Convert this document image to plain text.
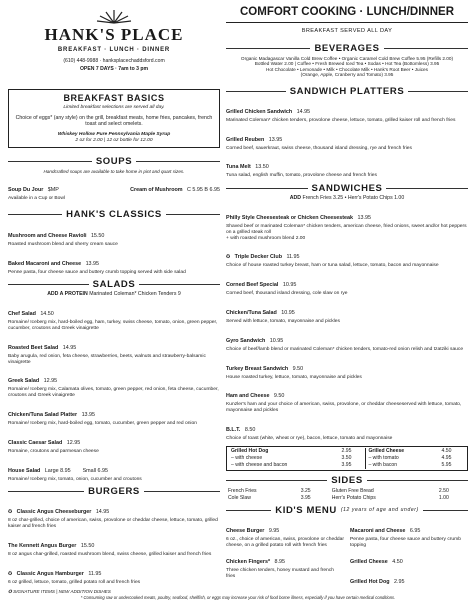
HANK'S PLACE
BREAKFAST · LUNCH · DINNER
(610) 448-9988 · hanksplacechaddsford.com
OPEN 7 DAYS · 7am to 3 pm
BREAKFAST BASICS
Limited breakfast selections are served all day.
Choice of eggs* (any style) on the grill, breakfast meats, home fries, pancakes, french toast and select omelets.
Whiskey Hollow Pure Pennsylvania Maple Syrup
2 oz for 2.00 | 12 oz bottle for 12.00
SOUPS
Handcrafted soups are available to take home in pint and quart sizes.
Soup Du Jour $MP
Available in a Cup or Bowl
Cream of Mushroom C 5.95 B 6.95
HANK'S CLASSICS
Mushroom and Cheese Ravioli 15.50
Roasted mushroom blend and sherry cream sauce
Baked Macaroni and Cheese 13.95
Penne pasta, four cheese sauce and buttery crumb topping served with side salad
SALADS
ADD A PROTEIN Marinated Coleman* Chicken Tenders 9
Chef Salad 14.50
Romaine/ Iceberg mix, hard-boiled egg, ham, turkey, swiss cheese, tomato, onion, green pepper, cucumber, croutons and Greek vinaigrette
Roasted Beet Salad 14.95
Baby arugula, red onion, feta cheese, strawberries, beets, walnuts and strawberry-balsamic vinaigrette
Greek Salad 12.95
Romaine/ Iceberg mix, Calamata olives, tomato, green pepper, red onion, feta cheese, cucumber, croutons and Greek vinaigrette
Chicken/Tuna Salad Platter 13.95
Romaine/ Iceberg mix, hard-boiled egg, tomato, cucumber, green pepper and red onion
Classic Caesar Salad 12.95
Romaine, croutons and parmesan cheese
House Salad Large 8.95        Small 6.95
Romaine/ Iceberg mix, tomato, onion, cucumber and croutons
BURGERS
✪ Classic Angus Cheeseburger 14.95
8 oz char-grilled, choice of american, swiss, provolone or cheddar cheese, lettuce, tomato, grilled kaiser and french fries
The Kennett Angus Burger 15.50
8 oz angus char-grilled, roasted mushroom blend, swiss cheese, grilled kaiser and french fries
✪ Classic Angus Hamburger 11.95
6 oz grilled, lettuce, tomato, grilled potato roll and french fries
✪ SIGNATURE ITEMS | NEW ADDITION DISHES
COMFORT COOKING · LUNCH/DINNER
BREAKFAST SERVED ALL DAY
BEVERAGES
Organic Madagascar Vanilla Cold Brew Coffee • Organic Caramel Cold Brew Coffee 5.95 (Refills 2.00)
Bottled Water 2.00 | Coffee • Fresh Brewed Iced Tea • Sodas • Hot Tea (Bottomless) 3.95
Hot Chocolate • Lemonade • Milk • Chocolate Milk • Hank's Root Beer • Juices
(Orange, Apple, Cranberry and Tomato) 3.95
SANDWICH PLATTERS
Grilled Chicken Sandwich 14.95
Marinated Coleman* chicken tenders, provolone cheese, lettuce, tomato, grilled kaiser roll and french fries
Grilled Reuben 13.95
Corned beef, sauerkraut, swiss cheese, thousand island dressing, rye and french fries
Tuna Melt 13.50
Tuna salad, english muffin, tomato, provolone cheese and french fries
SANDWICHES
ADD French Fries 3.25 • Herr's Potato Chips 1.00
Philly Style Cheesesteak or Chicken Cheesesteak 13.95
Shaved beef or marinated Coleman* chicken tenders, american cheese, fried onions, sweet and/or hot peppers on a grilled steak roll
+ with roasted mushroom blend 2.00
✪ Triple Decker Club 11.95
Choice of house roasted turkey breast, ham or tuna salad, lettuce, tomato, bacon and mayonnaise
Corned Beef Special 10.95
Corned beef, thousand island dressing, cole slaw on rye
Chicken/Tuna Salad 10.95
Served with lettuce, tomato, mayonnaise and pickles
Gyro Sandwich 10.95
Choice of beef/lamb blend or marinated Coleman* chicken tenders, tomato-red onion relish and tzatziki sauce
Turkey Breast Sandwich 9.50
House roasted turkey, lettuce, tomato, mayonnaise and pickles
Ham and Cheese 9.50
Kunzler's ham and your choice of american, swiss, provolone, or cheddar cheeseserved with lettuce, tomato, mayonnaise and pickles
B.L.T. 8.50
Choice of toast (white, wheat or rye), bacon, lettuce, tomato and mayonnaise
Grilled Hot Dog	2.95	Grilled Cheese	4.50
– with cheese	3.50	– with tomato	4.95
– with cheese and bacon	3.95	– with bacon	5.95
SIDES
French Fries	3.25	Gluten Free Bread	2.50
Cole Slaw	3.95	Herr's Potato Chips	1.00
KID'S MENU (12 years of age and under)
Cheese Burger 9.95
6 oz., choice of american, swiss, provolone or cheddar cheese, on a grilled potato roll with french fries
Chicken Fingers* 8.95
Three chicken tenders, honey mustard and french fries
Macaroni and Cheese 6.95
Penne pasta, four cheese sauce and buttery crumb topping
Grilled Cheese 4.50
Grilled Hot Dog 2.95
* Consuming raw or undercooked meats, poultry, seafood, shellfish, or eggs may increase your risk of food borne illness, especially if you have certain medical conditions.
